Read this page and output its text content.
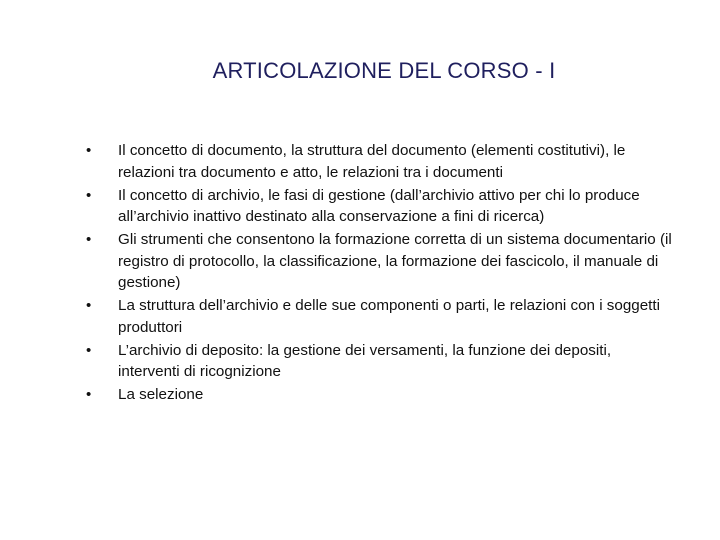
ARTICOLAZIONE DEL CORSO - I
•	Il concetto di documento, la struttura del documento (elementi costitutivi), le relazioni tra documento e atto, le relazioni tra i documenti
•	Il concetto di archivio, le fasi di gestione (dall’archivio attivo per chi lo produce all’archivio inattivo destinato alla conservazione a fini di ricerca)
•	Gli strumenti che consentono la formazione corretta di un sistema documentario (il registro di protocollo, la classificazione, la formazione dei fascicolo, il manuale di gestione)
•	La struttura dell’archivio e delle sue componenti o parti, le relazioni con i soggetti produttori
•	L’archivio di deposito: la gestione dei versamenti, la funzione dei depositi, interventi di ricognizione
•	La selezione
